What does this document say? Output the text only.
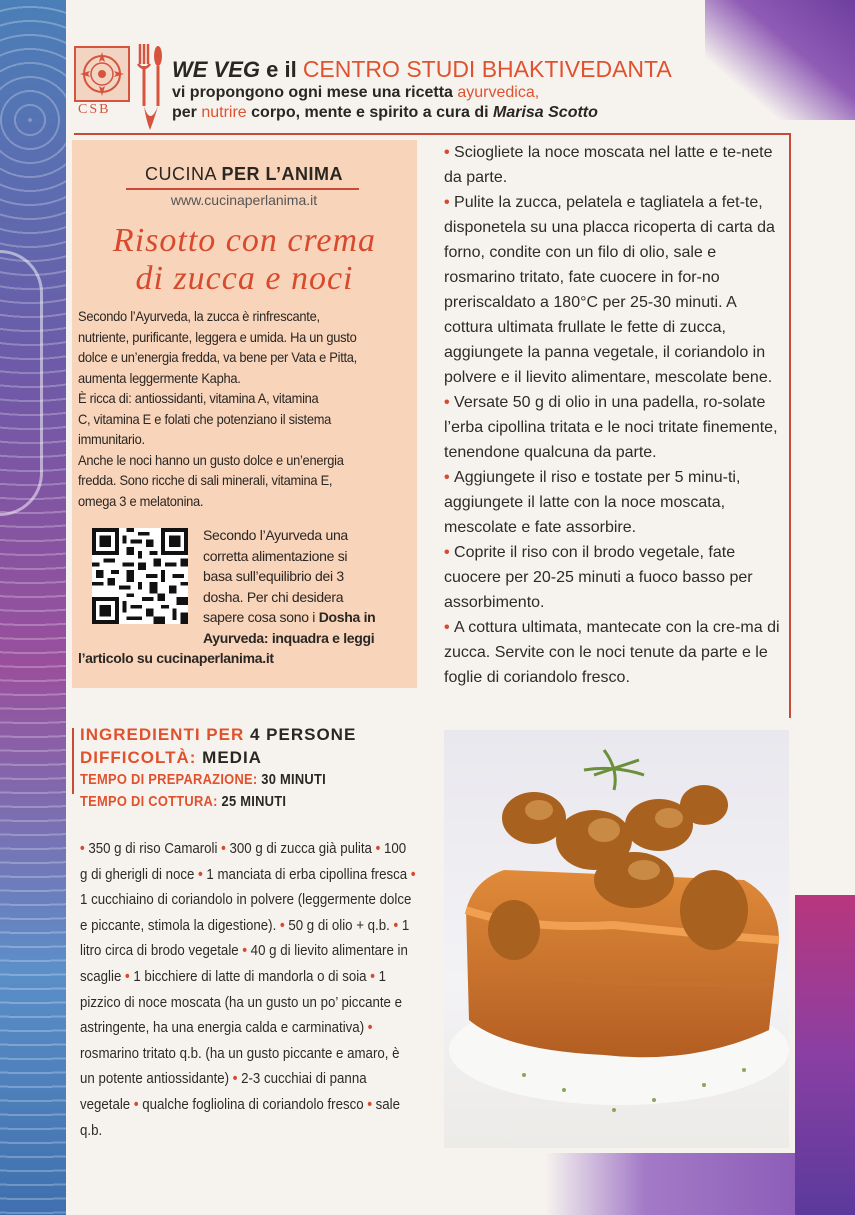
CSB
WE VEG e il CENTRO STUDI BHAKTIVEDANTA
vi propongono ogni mese una ricetta ayurvedica,
per nutrire corpo, mente e spirito a cura di Marisa Scotto
CUCINA PER L’ANIMA
www.cucinaperlanima.it
Risotto con crema
di zucca e noci
Secondo l’Ayurveda, la zucca è rinfrescante,
nutriente, purificante, leggera e umida. Ha un gusto
dolce e un’energia fredda, va bene per Vata e Pitta,
aumenta leggermente Kapha.
È ricca di: antiossidanti, vitamina A, vitamina
C, vitamina E e folati che potenziano il sistema
immunitario.
Anche le noci hanno un gusto dolce e un’energia
fredda. Sono ricche di sali minerali, vitamina E,
omega 3 e melatonina.
Secondo l’Ayurveda una
corretta alimentazione si
basa sull’equilibrio dei 3
dosha. Per chi desidera
sapere cosa sono i Dosha in
Ayurveda: inquadra e leggi
l’articolo su cucinaperlanima.it

• Sciogliete la noce moscata nel latte e te-nete da parte.

• Pulite la zucca, pelatela e tagliatela a fet-te, disponetela su una placca ricoperta di carta da forno, condite con un filo di olio, sale e rosmarino tritato, fate cuocere in for-no preriscaldato a 180°C per 25-30 minuti. A cottura ultimata frullate le fette di zucca, aggiungete la panna vegetale, il coriandolo in polvere e il lievito alimentare, mescolate bene.

• Versate 50 g di olio in una padella, ro-solate l’erba cipollina tritata e le noci tritate finemente, tenendone qualcuna da parte.

• Aggiungete il riso e tostate per 5 minu-ti, aggiungete il latte con la noce moscata, mescolate e fate assorbire.

• Coprite il riso con il brodo vegetale, fate cuocere per 20-25 minuti a fuoco basso per assorbimento.

• A cottura ultimata, mantecate con la cre-ma di zucca. Servite con le noci tenute da parte e le foglie di coriandolo fresco.

INGREDIENTI PER 4 PERSONE
DIFFICOLTÀ: MEDIA
TEMPO DI PREPARAZIONE: 30 MINUTI
TEMPO DI COTTURA: 25 MINUTI
• 350 g di riso Camaroli • 300 g di zucca già pulita • 100 g di gherigli di noce • 1 manciata di erba cipollina fresca • 1 cucchiaino di coriandolo in polvere (leggermente dolce e piccante, stimola la digestione). • 50 g di olio + q.b. • 1 litro circa di brodo vegetale • 40 g di lievito alimentare in scaglie • 1 bicchiere di latte di mandorla o di soia • 1 pizzico di noce moscata (ha un gusto un po’ piccante e astringente, ha una energia calda e carminativa) • rosmarino tritato q.b. (ha un gusto piccante e amaro, è un potente antiossidante) • 2-3 cucchiai di panna vegetale • qualche fogliolina di coriandolo fresco • sale q.b.
